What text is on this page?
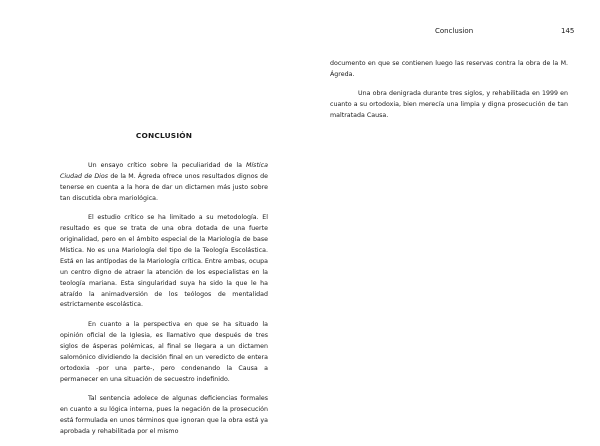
CONCLUSIÓN

Un ensayo crítico sobre la peculiaridad de la Mística Ciudad de Dios de la M. Ágreda ofrece unos resultados dignos de tenerse en cuenta a la hora de dar un dictamen más justo sobre tan discutida obra mariológica.

El estudio crítico se ha limitado a su metodología. El resultado es que se trata de una obra dotada de una fuerte originalidad, pero en el ámbito especial de la Mariología de base Mística. No es una Mariología del tipo de la Teología Escolástica. Está en las antípodas de la Mariología crítica. Entre ambas, ocupa un centro digno de atraer la atención de los especialistas en la teología mariana. Esta singularidad suya ha sido la que le ha atraído la animadversión de los teólogos de mentalidad estrictamente escolástica.

En cuanto a la perspectiva en que se ha situado la opinión oficial de la Iglesia, es llamativo que después de tres siglos de ásperas polémicas, al final se llegara a un dictamen salomónico dividiendo la decisión final en un veredicto de entera ortodoxia -por una parte-, pero condenando la Causa a permanecer en una situación de secuestro indefinido.

Tal sentencia adolece de algunas deficiencias formales en cuanto a su lógica interna, pues la negación de la prosecución está formulada en unos términos que ignoran que la obra está ya aprobada y rehabilitada por el mismo

Conclusion	145

documento en que se contienen luego las reservas contra la obra de la M. Ágreda.

Una obra denigrada durante tres siglos, y rehabilitada en 1999 en cuanto a su ortodoxia, bien merecía una limpia y digna prosecución de tan maltratada Causa.
